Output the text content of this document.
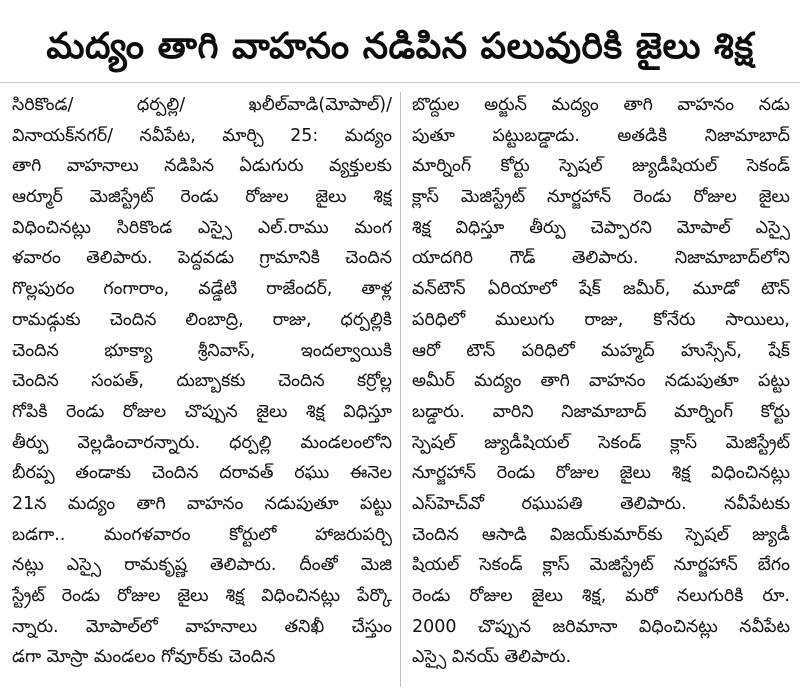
మద్యం తాగి వాహనం నడిపిన పలువురికి జైలు శిక్ష
సిరికొండ/ ధర్పల్లి/ ఖలీల్‌వాడి(మోపాల్)/
వినాయక్‌నగర్/ నవీపేట, మార్చి 25: మద్యం
తాగి వాహనాలు నడిపిన ఏడుగురు వ్యక్తులకు
ఆర్మూర్ మెజిస్ట్రేట్ రెండు రోజుల జైలు శిక్ష
విధించినట్లు సిరికొండ ఎస్సై ఎల్.రాము మంగ
ళవారం తెలిపారు. పెద్దవడు గ్రామానికి చెందిన
గొల్లపురం గంగారాం, వడ్డేటి రాజేందర్, తాళ్ల
రామడ్గుకు చెందిన లింబాద్రి, రాజు, ధర్పల్లికి
చెందిన భూక్యా శ్రీనివాస్, ఇందల్వాయికి
చెందిన సంపత్, దుబ్బాకకు చెందిన కర్రోల్ల
గోపికి రెండు రోజుల చొప్పున జైలు శిక్ష విధిస్తూ
తీర్పు వెల్లడించారన్నారు. ధర్పల్లి మండలంలోని
బీరప్ప తండాకు చెందిన దరావత్ రఘు ఈనెల
21న మద్యం తాగి వాహనం నడుపుతూ పట్టు
బడగా.. మంగళవారం కోర్టులో హాజరుపర్చి
నట్లు ఎస్సై రామకృష్ణ తెలిపారు. దీంతో మెజి
స్ట్రేట్ రెండు రోజుల జైలు శిక్ష విధించినట్లు పేర్కొ
న్నారు. మోపాల్‌లో వాహనాలు తనిఖీ చేస్తుం
డగా మోస్రా మండలం గోవూర్‌కు చెందిన
బొద్దుల అర్జున్ మద్యం తాగి వాహనం నడు
పుతూ పట్టుబడ్డాడు. అతడికి నిజామాబాద్
మార్నింగ్ కోర్టు స్పెషల్ జ్యుడీషియల్ సెకండ్
క్లాస్ మెజిస్ట్రేట్ నూర్జహాన్ రెండు రోజుల జైలు
శిక్ష విధిస్తూ తీర్పు చెప్పారని మోపాల్ ఎస్సై
యాదగిరి గౌడ్ తెలిపారు. నిజామాబాద్‌లోని
వన్‌టౌన్ ఏరియాలో షేక్ జమీర్, మూడో టౌన్
పరిధిలో ములుగు రాజు, కోనేరు సాయిలు,
ఆరో టౌన్ పరిధిలో మహ్మద్ హుస్సేన్, షేక్
అమీర్ మద్యం తాగి వాహనం నడుపుతూ పట్టు
బడ్డారు. వారిని నిజామాబాద్ మార్నింగ్ కోర్టు
స్పెషల్ జ్యుడీషియల్ సెకండ్ క్లాస్ మెజిస్ట్రేట్
నూర్జహాన్ రెండు రోజుల జైలు శిక్ష విధించినట్లు
ఎస్‌హెచ్‌వో రఘుపతి తెలిపారు. నవీపేటకు
చెందిన ఆసాడి విజయ్‌కుమార్‌కు స్పెషల్ జ్యుడీ
షియల్ సెకండ్ క్లాస్ మెజిస్ట్రేట్ నూర్జహాన్ బేగం
రెండు రోజుల జైలు శిక్ష, మరో నలుగురికి రూ.
2000 చొప్పున జరిమానా విధించినట్లు నవీపేట
ఎస్సై వినయ్ తెలిపారు.
